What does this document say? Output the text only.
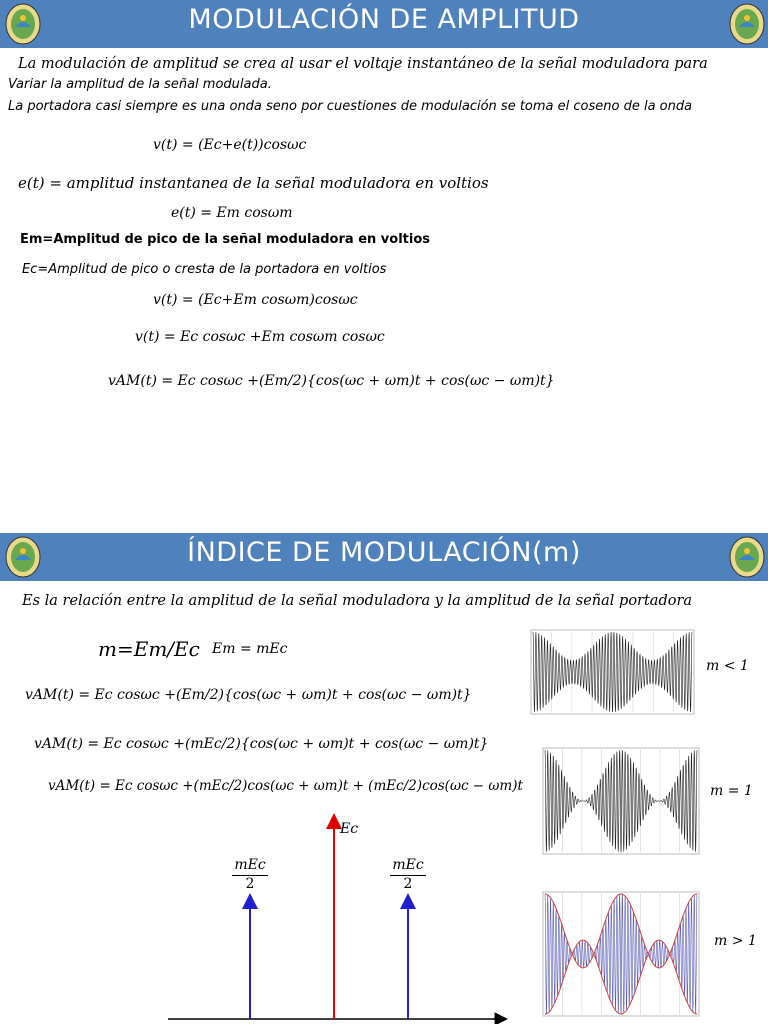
MODULACIÓN DE AMPLITUD
La modulación de amplitud se crea al usar el voltaje instantáneo de la señal moduladora para
Variar la amplitud de la señal modulada.
La portadora casi siempre es una onda seno por cuestiones de modulación se toma el coseno de la onda
v(t) = (Ec+e(t))cosωc
e(t) = amplitud instantanea de la señal moduladora en voltios
e(t) = Em cosωm
Em=Amplitud de pico de la señal moduladora en voltios
Ec=Amplitud de pico o cresta de la portadora en voltios
v(t) = (Ec+Em cosωm)cosωc
v(t) = Ec cosωc +Em cosωm cosωc
vAM(t) = Ec cosωc +(Em/2){cos(ωc + ωm)t + cos(ωc − ωm)t}
ÍNDICE DE MODULACIÓN(m)
Es la relación entre la amplitud de la señal moduladora y la amplitud de la señal portadora
m=Em/Ec Em = mEc
vAM(t) = Ec cosωc +(Em/2){cos(ωc + ωm)t + cos(ωc − ωm)t}
vAM(t) = Ec cosωc +(mEc/2){cos(ωc + ωm)t + cos(ωc − ωm)t}
vAM(t) = Ec cosωc +(mEc/2)cos(ωc + ωm)t + (mEc/2)cos(ωc − ωm)t
Ec
mEc
2
mEc
2
m < 1
m = 1
m > 1
